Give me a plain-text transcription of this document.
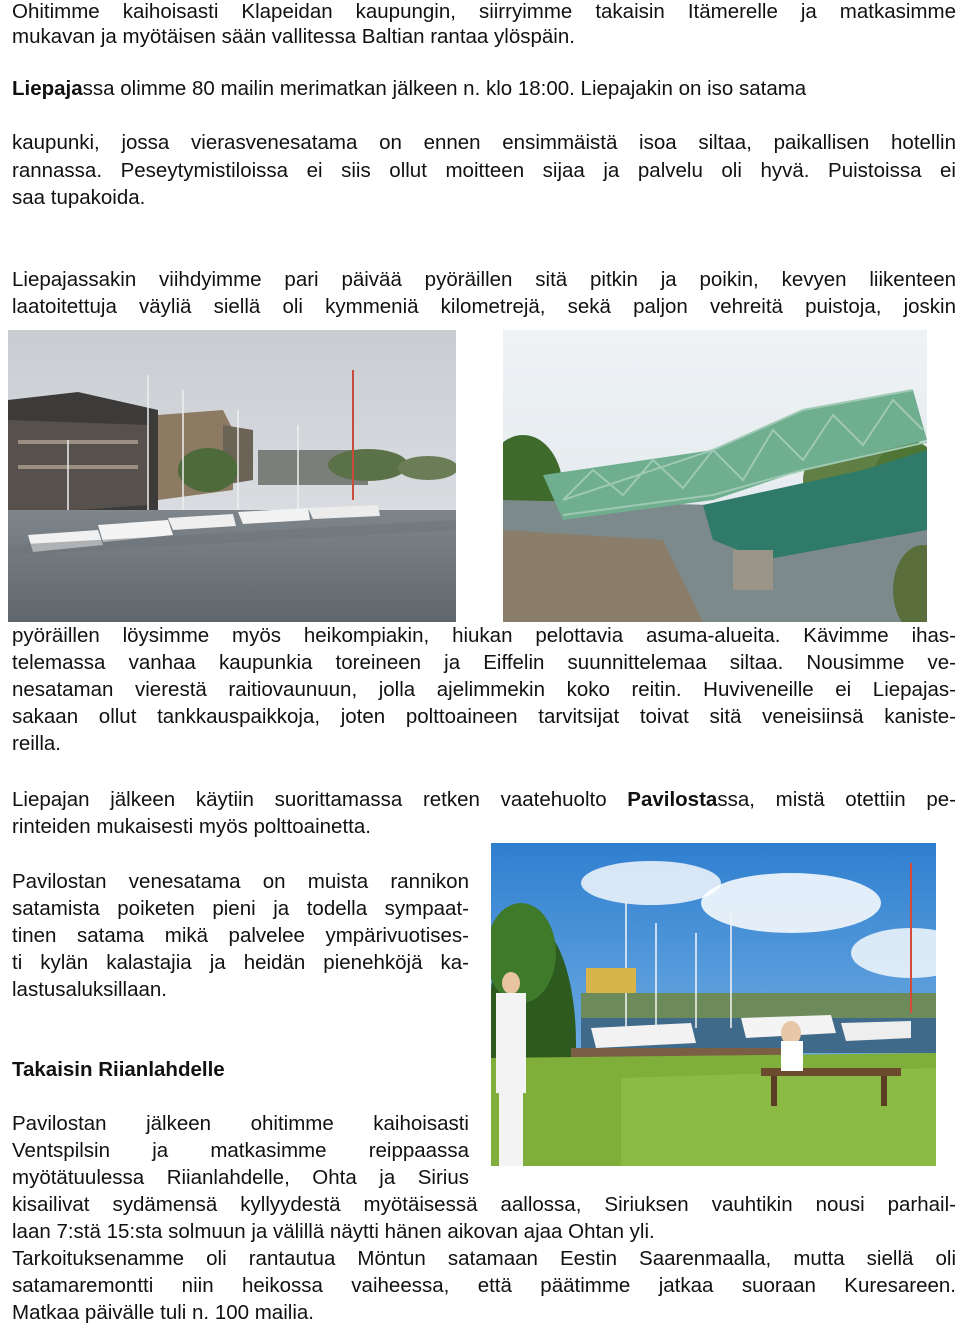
Ohitimme kaihoisasti Klapeidan kaupungin, siirryimme takaisin Itämerelle ja matkasimme
mukavan ja myötäisen sään vallitessa Baltian rantaa ylöspäin.
Liepajassa olimme 80 mailin merimatkan jälkeen n. klo 18:00. Liepajakin on iso satama
kaupunki, jossa vierasvenesatama on ennen ensimmäistä isoa siltaa, paikallisen hotellin
rannassa. Peseytymistiloissa ei siis ollut moitteen sijaa ja palvelu oli hyvä. Puistoissa ei
saa tupakoida.
Liepajassakin viihdyimme pari päivää pyöräillen sitä pitkin ja poikin, kevyen liikenteen
laatoitettuja väyliä siellä oli kymmeniä kilometrejä, sekä paljon vehreitä puistoja, joskin
pyöräillen löysimme myös heikompiakin, hiukan pelottavia asuma-alueita. Kävimme ihas-
telemassa vanhaa kaupunkia toreineen ja Eiffelin suunnittelemaa siltaa. Nousimme ve-
nesataman vierestä raitiovaunuun, jolla ajelimmekin koko reitin. Huviveneille ei Liepajas-
sakaan ollut tankkauspaikkoja, joten polttoaineen tarvitsijat toivat sitä veneisiinsä kaniste-
reilla.
Liepajan jälkeen käytiin suorittamassa retken vaatehuolto Pavilostassa, mistä otettiin pe-
rinteiden mukaisesti myös polttoainetta.
Pavilostan venesatama on muista rannikon
satamista poiketen pieni ja todella sympaat-
tinen satama mikä palvelee ympärivuotises-
ti kylän kalastajia ja heidän pienehköjä ka-
lastusaluksillaan.
Takaisin Riianlahdelle
Pavilostan jälkeen ohitimme kaihoisasti
Ventspilsin ja matkasimme reippaassa
myötätuulessa Riianlahdelle, Ohta ja Sirius
kisailivat sydämensä kyllyydestä myötäisessä aallossa, Siriuksen vauhtikin nousi parhail-
laan 7:stä 15:sta solmuun ja välillä näytti hänen aikovan ajaa Ohtan yli.
Tarkoituksenamme oli rantautua Möntun satamaan Eestin Saarenmaalla, mutta siellä oli
satamaremontti niin heikossa vaiheessa, että päätimme jatkaa suoraan Kuresareen.
Matkaa päivälle tuli n. 100 mailia.
